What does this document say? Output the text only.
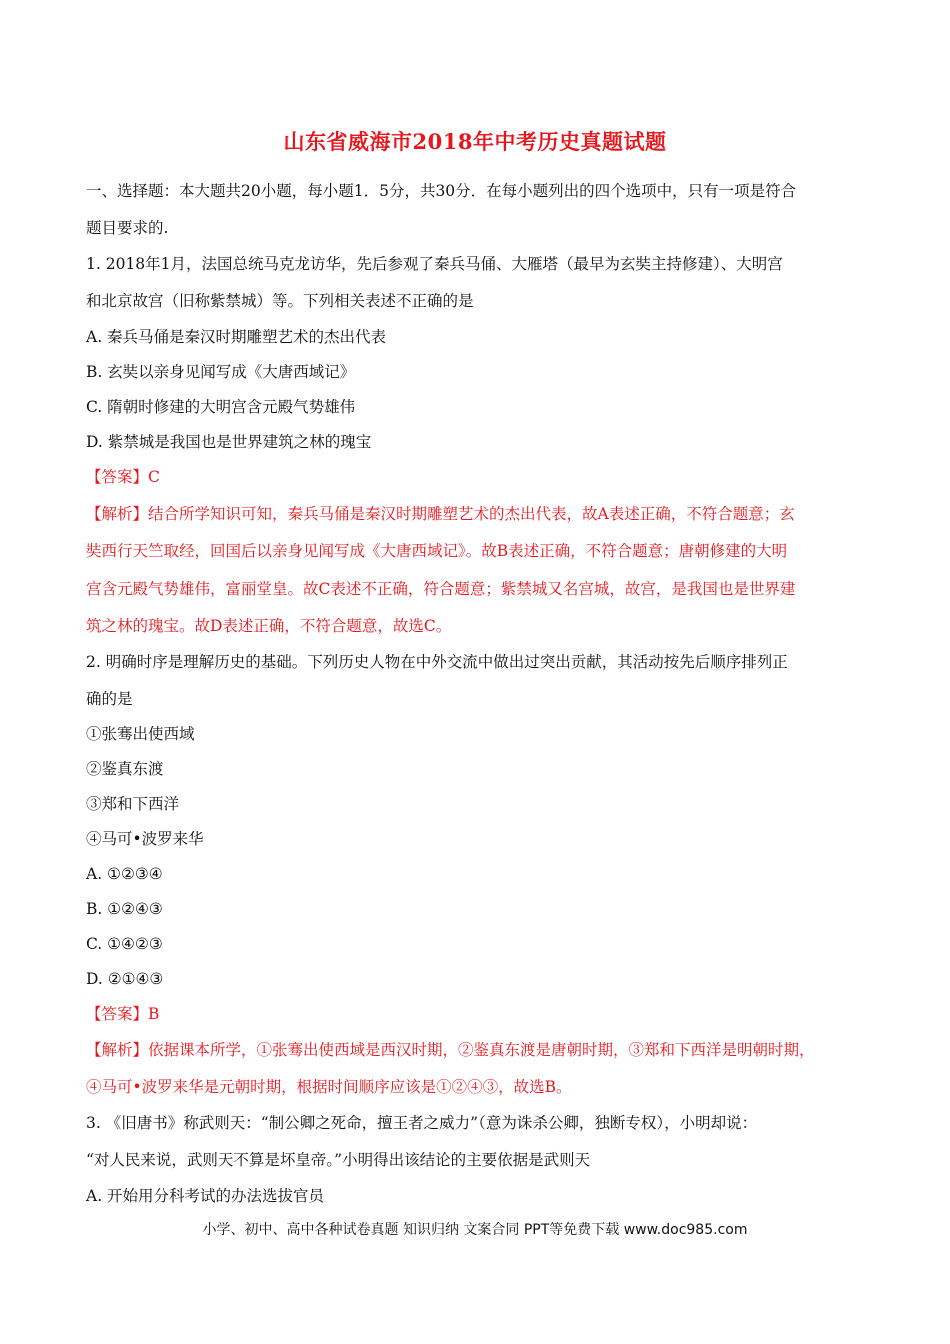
山东省威海市2018年中考历史真题试题
一、选择题：本大题共20小题，每小题1．5分，共30分．在每小题列出的四个选项中，只有一项是符合
题目要求的.
1. 2018年1月，法国总统马克龙访华，先后参观了秦兵马俑、大雁塔（最早为玄奘主持修建）、大明宫
和北京故宫（旧称紫禁城）等。下列相关表述不正确的是
A. 秦兵马俑是秦汉时期雕塑艺术的杰出代表
B. 玄奘以亲身见闻写成《大唐西域记》
C. 隋朝时修建的大明宫含元殿气势雄伟
D. 紫禁城是我国也是世界建筑之林的瑰宝
【答案】C
【解析】结合所学知识可知，秦兵马俑是秦汉时期雕塑艺术的杰出代表，故A表述正确，不符合题意；玄
奘西行天竺取经，回国后以亲身见闻写成《大唐西域记》。故B表述正确，不符合题意；唐朝修建的大明
宫含元殿气势雄伟，富丽堂皇。故C表述不正确，符合题意；紫禁城又名宫城，故宫，是我国也是世界建
筑之林的瑰宝。故D表述正确，不符合题意，故选C。
2. 明确时序是理解历史的基础。下列历史人物在中外交流中做出过突出贡献，其活动按先后顺序排列正
确的是
①张骞出使西域
②鉴真东渡
③郑和下西洋
④马可•波罗来华
A. ①②③④
B. ①②④③
C. ①④②③
D. ②①④③
【答案】B
【解析】依据课本所学，①张骞出使西域是西汉时期，②鉴真东渡是唐朝时期，③郑和下西洋是明朝时期，
④马可•波罗来华是元朝时期，根据时间顺序应该是①②④③，故选B。
3. 《旧唐书》称武则天：“制公卿之死命，擅王者之威力”（意为诛杀公卿，独断专权），小明却说：
“对人民来说，武则天不算是坏皇帝。”小明得出该结论的主要依据是武则天
A. 开始用分科考试的办法选拔官员
小学、初中、高中各种试卷真题 知识归纳 文案合同 PPT等免费下载 www.doc985.com
